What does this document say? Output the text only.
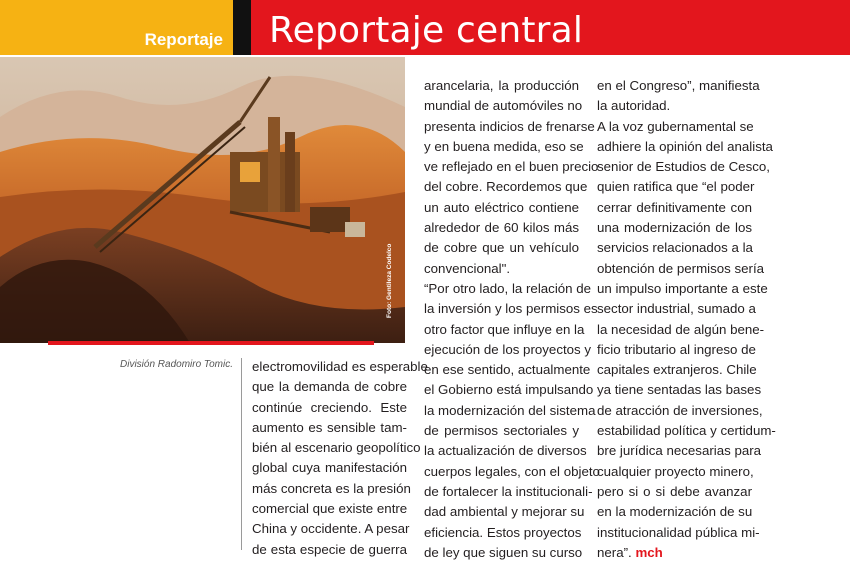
Reportaje Reportaje central
Foto: Gentileza Codelco
División Radomiro Tomic. electromovilidad es esperable
que la demanda de cobre
continúe creciendo. Este
aumento es sensible tam-
bién al escenario geopolítico
global cuya manifestación
más concreta es la presión
comercial que existe entre
China y occidente. A pesar
de esta especie de guerra
arancelaria, la producción
mundial de automóviles no
presenta indicios de frenarse
y en buena medida, eso se
ve reflejado en el buen precio
del cobre. Recordemos que
un auto eléctrico contiene
alrededor de 60 kilos más
de cobre que un vehículo
convencional".
“Por otro lado, la relación de
la inversión y los permisos es
otro factor que influye en la
ejecución de los proyectos y
en ese sentido, actualmente
el Gobierno está impulsando
la modernización del sistema
de permisos sectoriales y
la actualización de diversos
cuerpos legales, con el objeto
de fortalecer la institucionali-
dad ambiental y mejorar su
eficiencia. Estos proyectos
de ley que siguen su curso
en el Congreso”, manifiesta
la autoridad.
A la voz gubernamental se
adhiere la opinión del analista
senior de Estudios de Cesco,
quien ratifica que “el poder
cerrar definitivamente con
una modernización de los
servicios relacionados a la
obtención de permisos sería
un impulso importante a este
sector industrial, sumado a
la necesidad de algún bene-
ficio tributario al ingreso de
capitales extranjeros. Chile
ya tiene sentadas las bases
de atracción de inversiones,
estabilidad política y certidum-
bre jurídica necesarias para
cualquier proyecto minero,
pero si o si debe avanzar
en la modernización de su
institucionalidad pública mi-
nera”. mch
